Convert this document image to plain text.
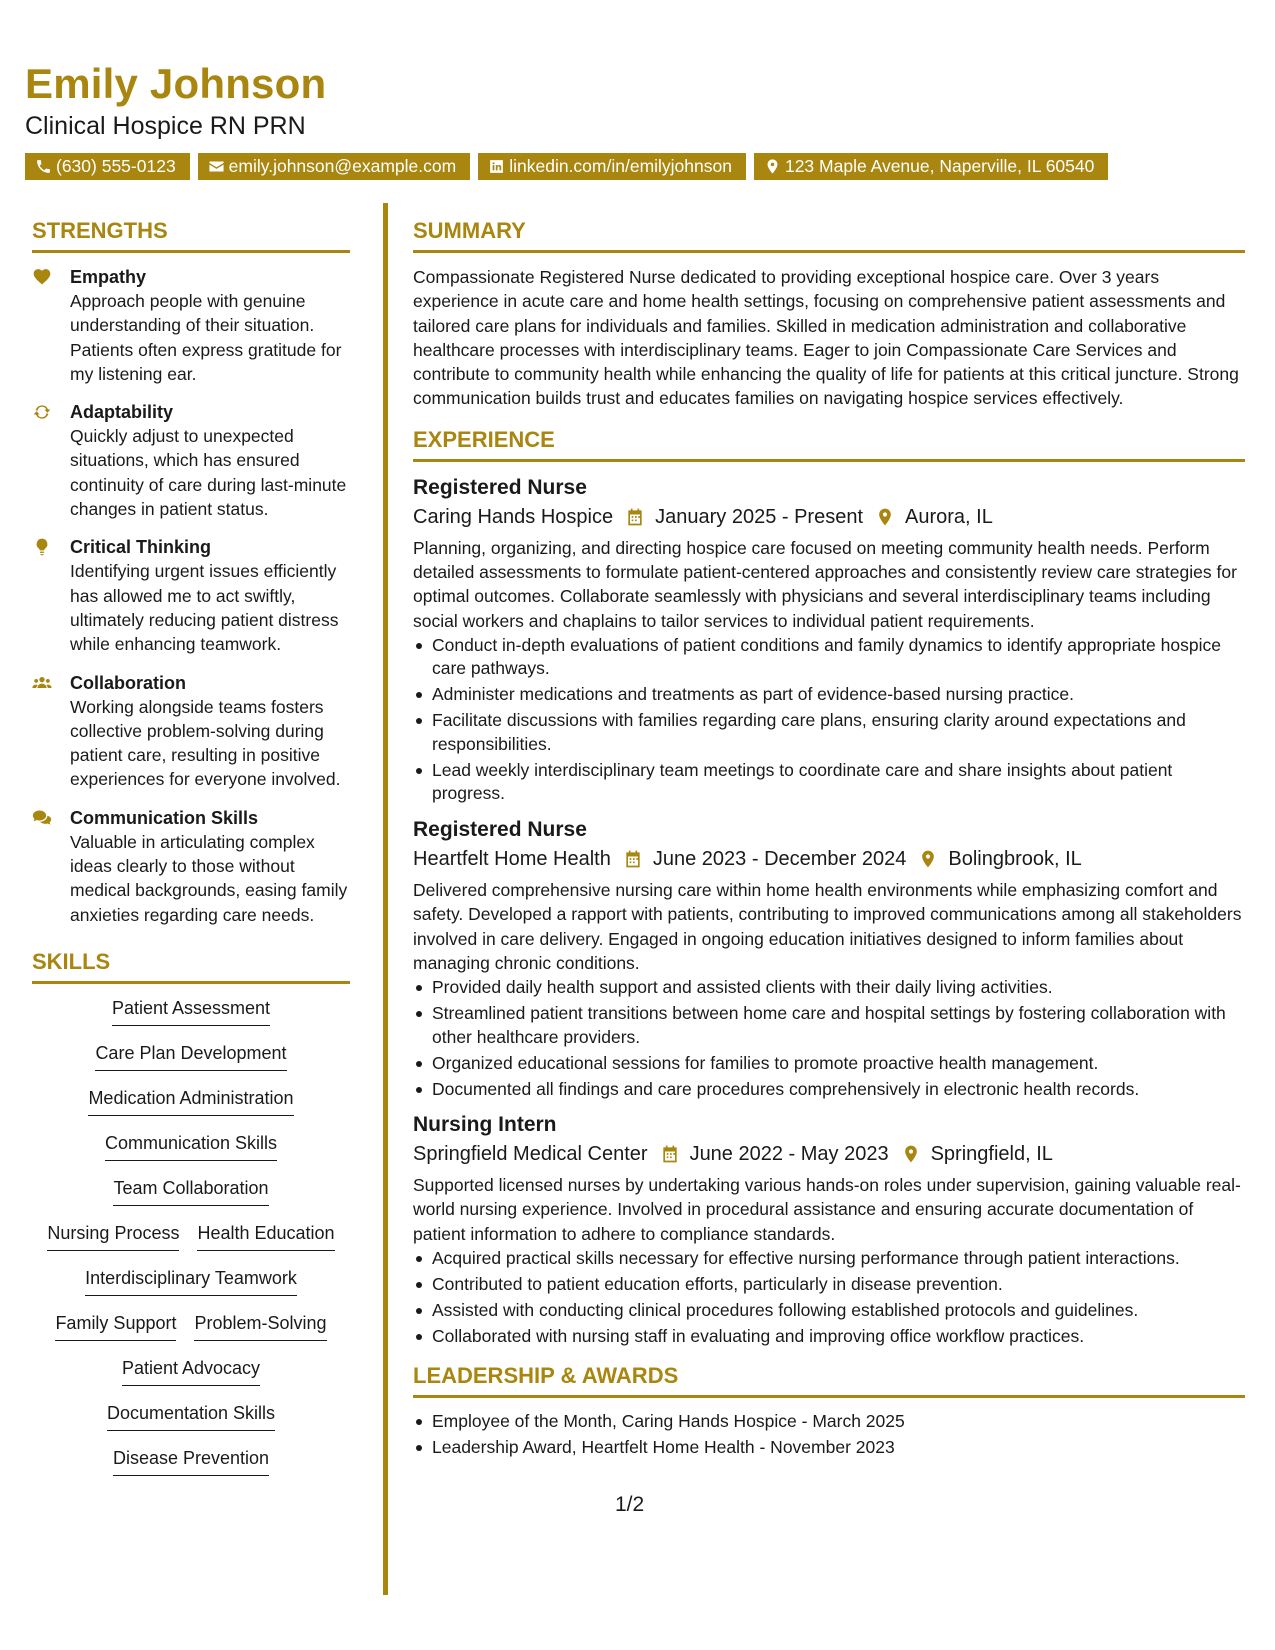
Emily Johnson
Clinical Hospice RN PRN
(630) 555-0123	emily.johnson@example.com	linkedin.com/in/emilyjohnson	123 Maple Avenue, Naperville, IL 60540
STRENGTHS
Empathy
Approach people with genuine understanding of their situation. Patients often express gratitude for my listening ear.
Adaptability
Quickly adjust to unexpected situations, which has ensured continuity of care during last-minute changes in patient status.
Critical Thinking
Identifying urgent issues efficiently has allowed me to act swiftly, ultimately reducing patient distress while enhancing teamwork.
Collaboration
Working alongside teams fosters collective problem-solving during patient care, resulting in positive experiences for everyone involved.
Communication Skills
Valuable in articulating complex ideas clearly to those without medical backgrounds, easing family anxieties regarding care needs.
SKILLS
Patient Assessment
Care Plan Development
Medication Administration
Communication Skills
Team Collaboration
Nursing Process Health Education
Interdisciplinary Teamwork
Family Support Problem-Solving
Patient Advocacy
Documentation Skills
Disease Prevention
SUMMARY
Compassionate Registered Nurse dedicated to providing exceptional hospice care. Over 3 years experience in acute care and home health settings, focusing on comprehensive patient assessments and tailored care plans for individuals and families. Skilled in medication administration and collaborative healthcare processes with interdisciplinary teams. Eager to join Compassionate Care Services and contribute to community health while enhancing the quality of life for patients at this critical juncture. Strong communication builds trust and educates families on navigating hospice services effectively.
EXPERIENCE
Registered Nurse
Caring Hands Hospice January 2025 - Present Aurora, IL
Planning, organizing, and directing hospice care focused on meeting community health needs. Perform detailed assessments to formulate patient-centered approaches and consistently review care strategies for optimal outcomes. Collaborate seamlessly with physicians and several interdisciplinary teams including social workers and chaplains to tailor services to individual patient requirements.
Conduct in-depth evaluations of patient conditions and family dynamics to identify appropriate hospice care pathways.
Administer medications and treatments as part of evidence-based nursing practice.
Facilitate discussions with families regarding care plans, ensuring clarity around expectations and responsibilities.
Lead weekly interdisciplinary team meetings to coordinate care and share insights about patient progress.
Registered Nurse
Heartfelt Home Health June 2023 - December 2024 Bolingbrook, IL
Delivered comprehensive nursing care within home health environments while emphasizing comfort and safety. Developed a rapport with patients, contributing to improved communications among all stakeholders involved in care delivery. Engaged in ongoing education initiatives designed to inform families about managing chronic conditions.
Provided daily health support and assisted clients with their daily living activities.
Streamlined patient transitions between home care and hospital settings by fostering collaboration with other healthcare providers.
Organized educational sessions for families to promote proactive health management.
Documented all findings and care procedures comprehensively in electronic health records.
Nursing Intern
Springfield Medical Center June 2022 - May 2023 Springfield, IL
Supported licensed nurses by undertaking various hands-on roles under supervision, gaining valuable real-world nursing experience. Involved in procedural assistance and ensuring accurate documentation of patient information to adhere to compliance standards.
Acquired practical skills necessary for effective nursing performance through patient interactions.
Contributed to patient education efforts, particularly in disease prevention.
Assisted with conducting clinical procedures following established protocols and guidelines.
Collaborated with nursing staff in evaluating and improving office workflow practices.
LEADERSHIP & AWARDS
Employee of the Month, Caring Hands Hospice - March 2025
Leadership Award, Heartfelt Home Health - November 2023
1/2
